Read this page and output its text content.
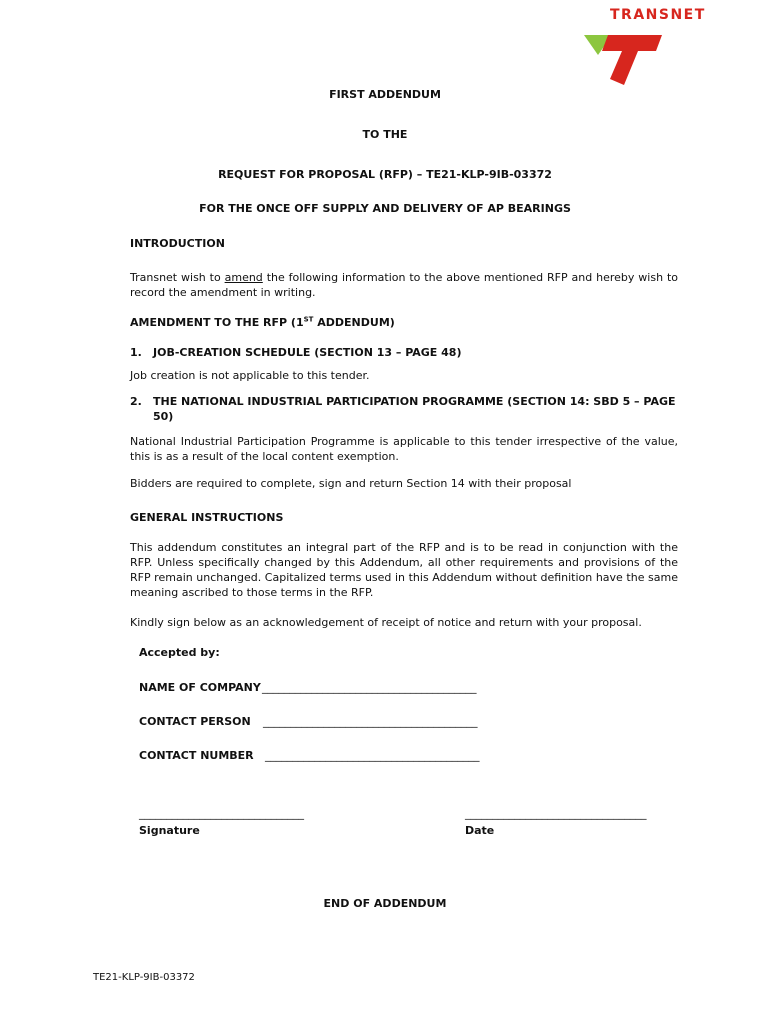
TRANSNET
FIRST ADDENDUM
TO THE
REQUEST FOR PROPOSAL (RFP) – TE21-KLP-9IB-03372
FOR THE ONCE OFF SUPPLY AND DELIVERY OF AP BEARINGS
INTRODUCTION
Transnet wish to amend the following information to the above mentioned RFP and hereby wish to record the amendment in writing.
AMENDMENT TO THE RFP (1ST ADDENDUM)
1. JOB-CREATION SCHEDULE (SECTION 13 – PAGE 48)
Job creation is not applicable to this tender.
2. THE NATIONAL INDUSTRIAL PARTICIPATION PROGRAMME (SECTION 14: SBD 5 – PAGE 50)
National Industrial Participation Programme is applicable to this tender irrespective of the value, this is as a result of the local content exemption.
Bidders are required to complete, sign and return Section 14 with their proposal
GENERAL INSTRUCTIONS
This addendum constitutes an integral part of the RFP and is to be read in conjunction with the RFP. Unless specifically changed by this Addendum, all other requirements and provisions of the RFP remain unchanged. Capitalized terms used in this Addendum without definition have the same meaning ascribed to those terms in the RFP.
Kindly sign below as an acknowledgement of receipt of notice and return with your proposal.
Accepted by:
NAME OF COMPANY _______________________________________
CONTACT PERSON _______________________________________
CONTACT NUMBER _______________________________________
______________________________	_________________________________
Signature	Date
END OF ADDENDUM
TE21-KLP-9IB-03372
